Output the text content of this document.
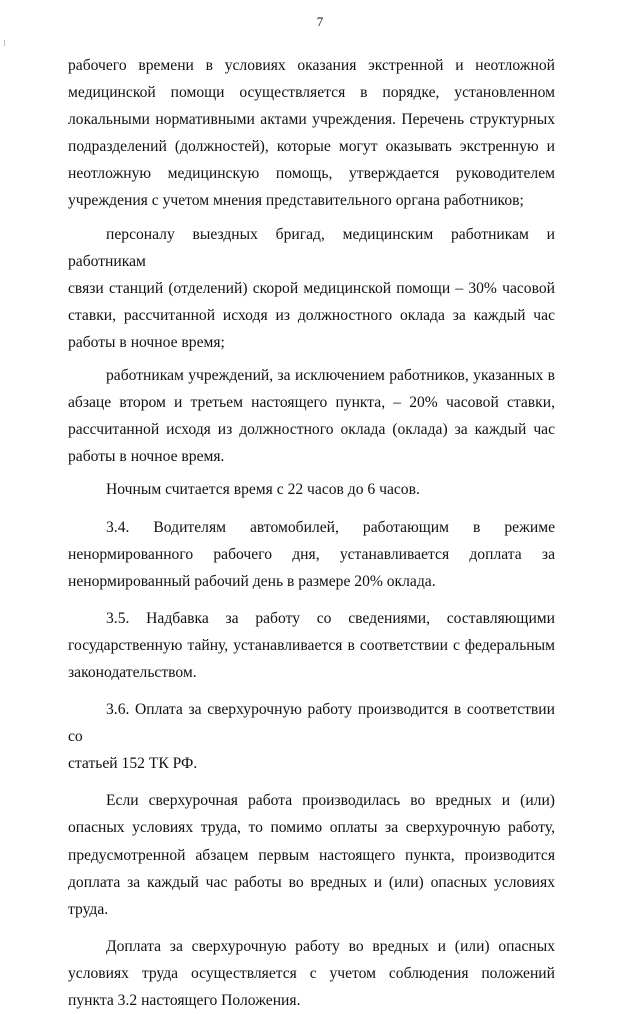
7

рабочего времени в условиях оказания экстренной и неотложной
медицинской помощи осуществляется в порядке, установленном
локальными нормативными актами учреждения. Перечень структурных
подразделений (должностей), которые могут оказывать экстренную и
неотложную медицинскую помощь, утверждается руководителем
учреждения с учетом мнения представительного органа работников;

персоналу выездных бригад, медицинским работникам и работникам
связи станций (отделений) скорой медицинской помощи – 30% часовой
ставки, рассчитанной исходя из должностного оклада за каждый час
работы в ночное время;

работникам учреждений, за исключением работников, указанных в
абзаце втором и третьем настоящего пункта, – 20% часовой ставки,
рассчитанной исходя из должностного оклада (оклада) за каждый час
работы в ночное время.

Ночным считается время с 22 часов до 6 часов.

3.4. Водителям автомобилей, работающим в режиме
ненормированного рабочего дня, устанавливается доплата за
ненормированный рабочий день в размере 20% оклада.

3.5. Надбавка за работу со сведениями, составляющими
государственную тайну, устанавливается в соответствии с федеральным
законодательством.

3.6. Оплата за сверхурочную работу производится в соответствии со
статьей 152 ТК РФ.

Если сверхурочная работа производилась во вредных и (или)
опасных условиях труда, то помимо оплаты за сверхурочную работу,
предусмотренной абзацем первым настоящего пункта, производится
доплата за каждый час работы во вредных и (или) опасных условиях труда.

Доплата за сверхурочную работу во вредных и (или) опасных
условиях труда осуществляется с учетом соблюдения положений
пункта 3.2 настоящего Положения.
